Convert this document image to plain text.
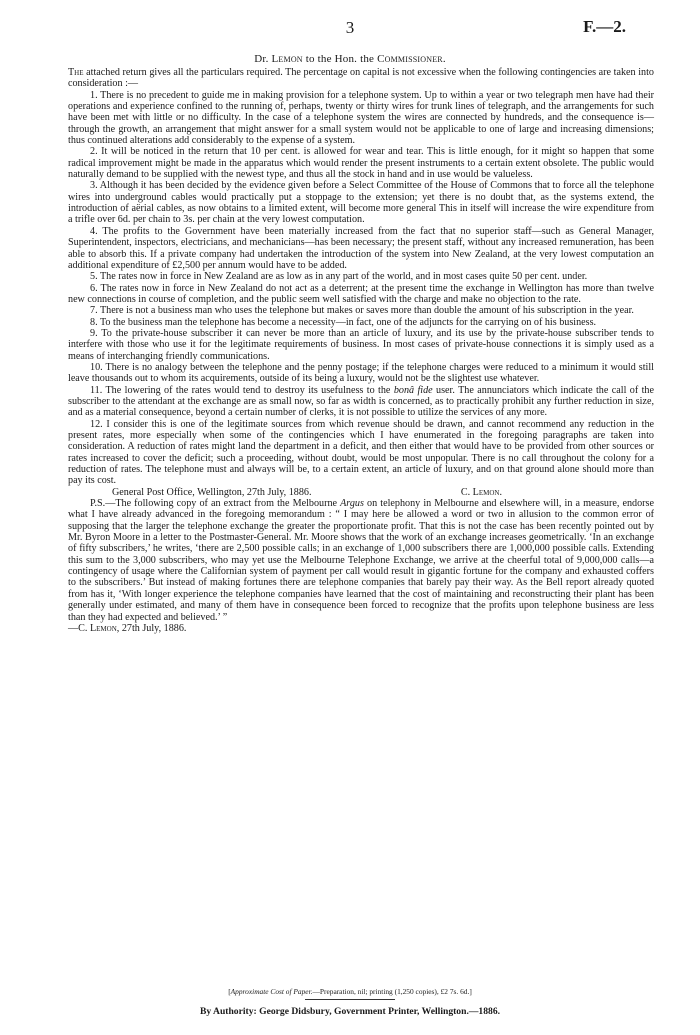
3	F.—2.
Dr. Lemon to the Hon. the Commissioner.

The attached return gives all the particulars required. The percentage on capital is not excessive when the following contingencies are taken into consideration :—

1. There is no precedent to guide me in making provision for a telephone system. Up to within a year or two telegraph men have had their operations and experience confined to the running of, perhaps, twenty or thirty wires for trunk lines of telegraph, and the arrangements for such have been met with little or no difficulty. In the case of a telephone system the wires are connected by hundreds, and the consequence is—through the growth, an arrangement that might answer for a small system would not be applicable to one of large and increasing dimensions; thus continued alterations add considerably to the expense of a system.

2. It will be noticed in the return that 10 per cent. is allowed for wear and tear. This is little enough, for it might so happen that some radical improvement might be made in the apparatus which would render the present instruments to a certain extent obsolete. The public would naturally demand to be supplied with the newest type, and thus all the stock in hand and in use would be valueless.

3. Although it has been decided by the evidence given before a Select Committee of the House of Commons that to force all the telephone wires into underground cables would practically put a stoppage to the extension; yet there is no doubt that, as the systems extend, the introduction of aërial cables, as now obtains to a limited extent, will become more general This in itself will increase the wire expenditure from a trifle over 6d. per chain to 3s. per chain at the very lowest computation.

4. The profits to the Government have been materially increased from the fact that no superior staff—such as General Manager, Superintendent, inspectors, electricians, and mechanicians—has been necessary; the present staff, without any increased remuneration, has been able to absorb this. If a private company had undertaken the introduction of the system into New Zealand, at the very lowest computation an additional expenditure of £2,500 per annum would have to be added.

5. The rates now in force in New Zealand are as low as in any part of the world, and in most cases quite 50 per cent. under.

6. The rates now in force in New Zealand do not act as a deterrent; at the present time the exchange in Wellington has more than twelve new connections in course of completion, and the public seem well satisfied with the charge and make no objection to the rate.

7. There is not a business man who uses the telephone but makes or saves more than double the amount of his subscription in the year.

8. To the business man the telephone has become a necessity—in fact, one of the adjuncts for the carrying on of his business.

9. To the private-house subscriber it can never be more than an article of luxury, and its use by the private-house subscriber tends to interfere with those who use it for the legitimate requirements of business. In most cases of private-house connections it is simply used as a means of interchanging friendly communications.

10. There is no analogy between the telephone and the penny postage; if the telephone charges were reduced to a minimum it would still leave thousands out to whom its acquirements, outside of its being a luxury, would not be the slightest use whatever.

11. The lowering of the rates would tend to destroy its usefulness to the bonâ fide user. The annunciators which indicate the call of the subscriber to the attendant at the exchange are as small now, so far as width is concerned, as to practically prohibit any further reduction in size, and as a material consequence, beyond a certain number of clerks, it is not possible to utilize the services of any more.

12. I consider this is one of the legitimate sources from which revenue should be drawn, and cannot recommend any reduction in the present rates, more especially when some of the contingencies which I have enumerated in the foregoing paragraphs are taken into consideration. A reduction of rates might land the department in a deficit, and then either that would have to be provided from other sources or rates increased to cover the deficit; such a proceeding, without doubt, would be most unpopular. There is no call throughout the colony for a reduction of rates. The telephone must and always will be, to a certain extent, an article of luxury, and on that ground alone should more than pay its cost.

General Post Office, Wellington, 27th July, 1886.	C. Lemon.

P.S.—The following copy of an extract from the Melbourne Argus on telephony in Melbourne and elsewhere will, in a measure, endorse what I have already advanced in the foregoing memorandum : “ I may here be allowed a word or two in allusion to the common error of supposing that the larger the telephone exchange the greater the proportionate profit. That this is not the case has been recently pointed out by Mr. Byron Moore in a letter to the Postmaster-General. Mr. Moore shows that the work of an exchange increases geometrically. ‘In an exchange of fifty subscribers,’ he writes, ‘there are 2,500 possible calls; in an exchange of 1,000 subscribers there are 1,000,000 possible calls. Extending this sum to the 3,000 subscribers, who may yet use the Melbourne Telephone Exchange, we arrive at the cheerful total of 9,000,000 calls—a contingency of usage where the Californian system of payment per call would result in gigantic fortune for the company and exhausted coffers to the subscribers.’ But instead of making fortunes there are telephone companies that barely pay their way. As the Bell report already quoted from has it, ‘With longer experience the telephone companies have learned that the cost of maintaining and reconstructing their plant has been generally under estimated, and many of them have in consequence been forced to recognize that the profits upon telephone business are less than they had expected and believed.’ ”

—C. Lemon, 27th July, 1886.

[Approximate Cost of Paper.—Preparation, nil; printing (1,250 copies), £2 7s. 6d.]
By Authority: George Didsbury, Government Printer, Wellington.—1886.
